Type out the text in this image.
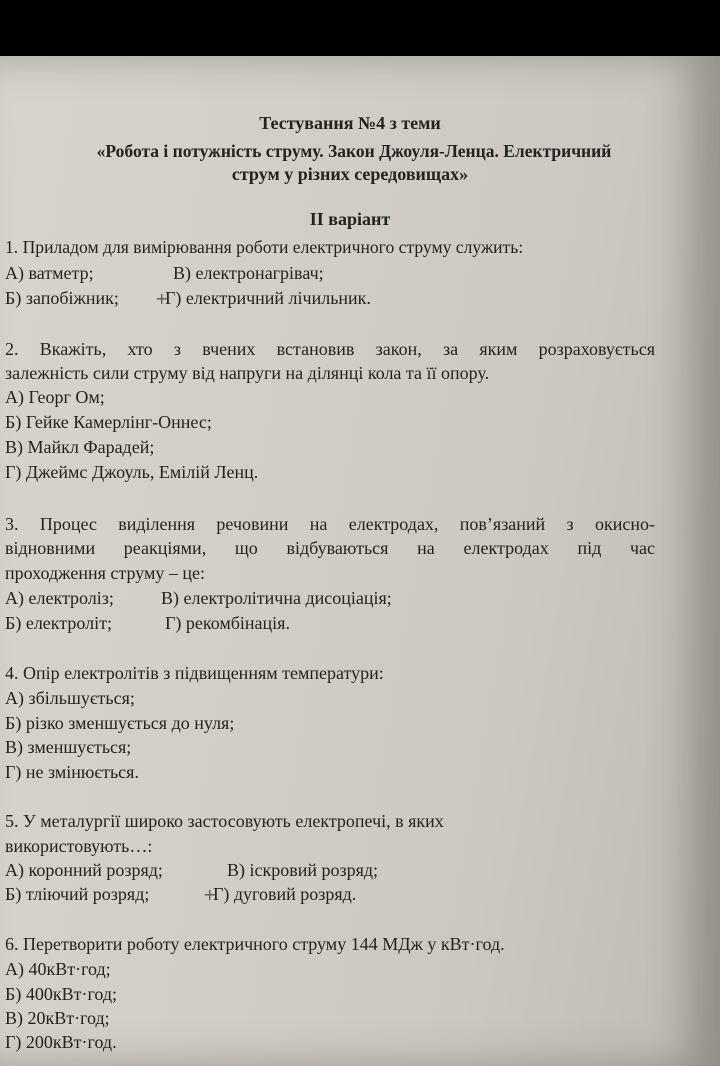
Тестування №4 з теми
«Робота і потужність струму. Закон Джоуля-Ленца. Електричний
струм у різних середовищах»
ІІ варіант
1. Приладом для вимірювання роботи електричного струму служить:
А) ватметр;	В) електронагрівач;
Б) запобіжник; +Г) електричний лічильник.
2. Вкажіть, хто з вчених встановив закон, за яким розраховується
залежність сили струму від напруги на ділянці кола та її опору.
А) Георг Ом;
Б) Гейке Камерлінг-Оннес;
В) Майкл Фарадей;
Г) Джеймс Джоуль, Емілій Ленц.
3. Процес виділення речовини на електродах, пов’язаний з окисно-
відновними реакціями, що відбуваються на електродах під час
проходження струму – це:
А) електроліз;	В) електролітична дисоціація;
Б) електроліт;	Г) рекомбінація.
4. Опір електролітів з підвищенням температури:
А) збільшується;
Б) різко зменшується до нуля;
В) зменшується;
Г) не змінюється.
5. У металургії широко застосовують електропечі, в яких
використовують…:
А) коронний розряд;	В) іскровий розряд;
Б) тліючий розряд;	+Г) дуговий розряд.
6. Перетворити роботу електричного струму 144 МДж у кВт·год.
А) 40кВт·год;
Б) 400кВт·год;
В) 20кВт·год;
Г) 200кВт·год.
